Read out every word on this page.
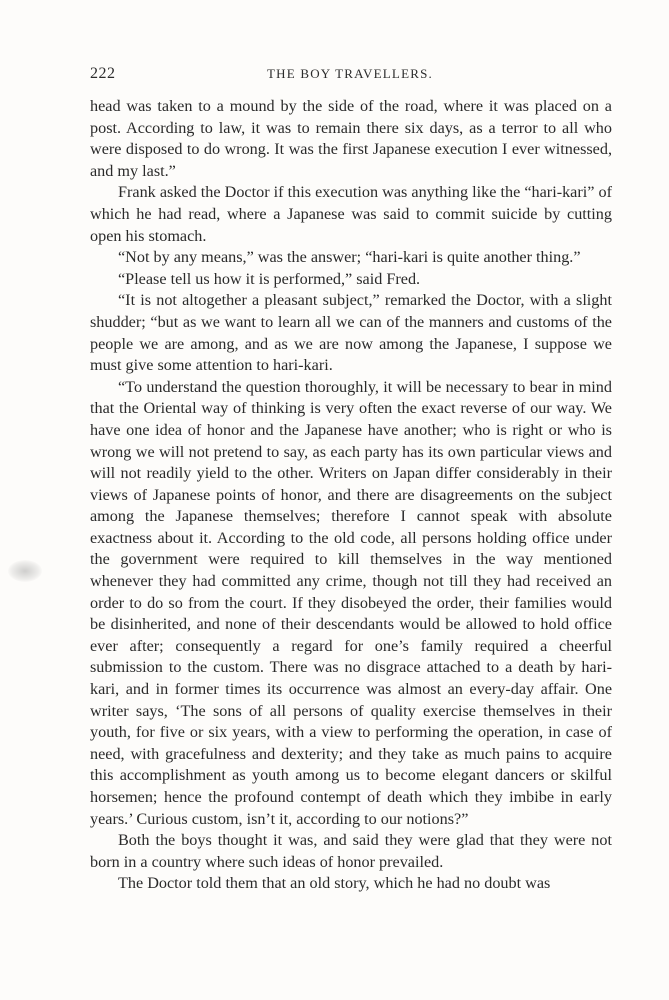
222	THE BOY TRAVELLERS.

head was taken to a mound by the side of the road, where it was placed on a post. According to law, it was to remain there six days, as a terror to all who were disposed to do wrong. It was the first Japanese execution I ever witnessed, and my last.”

Frank asked the Doctor if this execution was anything like the “hari-kari” of which he had read, where a Japanese was said to commit suicide by cutting open his stomach.

“Not by any means,” was the answer; “hari-kari is quite another thing.”

“Please tell us how it is performed,” said Fred.

“It is not altogether a pleasant subject,” remarked the Doctor, with a slight shudder; “but as we want to learn all we can of the manners and customs of the people we are among, and as we are now among the Japanese, I suppose we must give some attention to hari-kari.

“To understand the question thoroughly, it will be necessary to bear in mind that the Oriental way of thinking is very often the exact reverse of our way. We have one idea of honor and the Japanese have another; who is right or who is wrong we will not pretend to say, as each party has its own particular views and will not readily yield to the other. Writers on Japan differ considerably in their views of Japanese points of honor, and there are disagreements on the subject among the Japanese themselves; therefore I cannot speak with absolute exactness about it. According to the old code, all persons holding office under the government were required to kill themselves in the way mentioned whenever they had committed any crime, though not till they had received an order to do so from the court. If they disobeyed the order, their families would be disinherited, and none of their descendants would be allowed to hold office ever after; consequently a regard for one’s family required a cheerful submission to the custom. There was no disgrace attached to a death by hari-kari, and in former times its occurrence was almost an every-day affair. One writer says, ‘The sons of all persons of quality exercise themselves in their youth, for five or six years, with a view to performing the operation, in case of need, with gracefulness and dexterity; and they take as much pains to acquire this accomplishment as youth among us to become elegant dancers or skilful horsemen; hence the profound contempt of death which they imbibe in early years.’ Curious custom, isn’t it, according to our notions?”

Both the boys thought it was, and said they were glad that they were not born in a country where such ideas of honor prevailed.

The Doctor told them that an old story, which he had no doubt was
